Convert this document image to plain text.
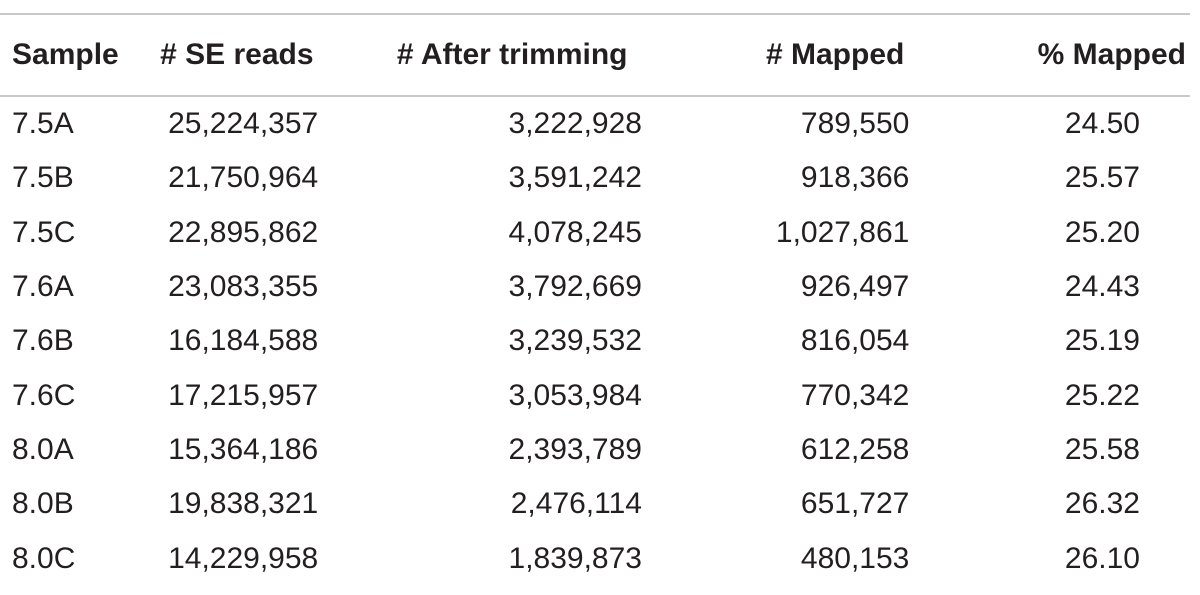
Sample	# SE reads	# After trimming	# Mapped	% Mapped
7.5A	25,224,357	3,222,928	789,550	24.50
7.5B	21,750,964	3,591,242	918,366	25.57
7.5C	22,895,862	4,078,245	1,027,861	25.20
7.6A	23,083,355	3,792,669	926,497	24.43
7.6B	16,184,588	3,239,532	816,054	25.19
7.6C	17,215,957	3,053,984	770,342	25.22
8.0A	15,364,186	2,393,789	612,258	25.58
8.0B	19,838,321	2,476,114	651,727	26.32
8.0C	14,229,958	1,839,873	480,153	26.10
